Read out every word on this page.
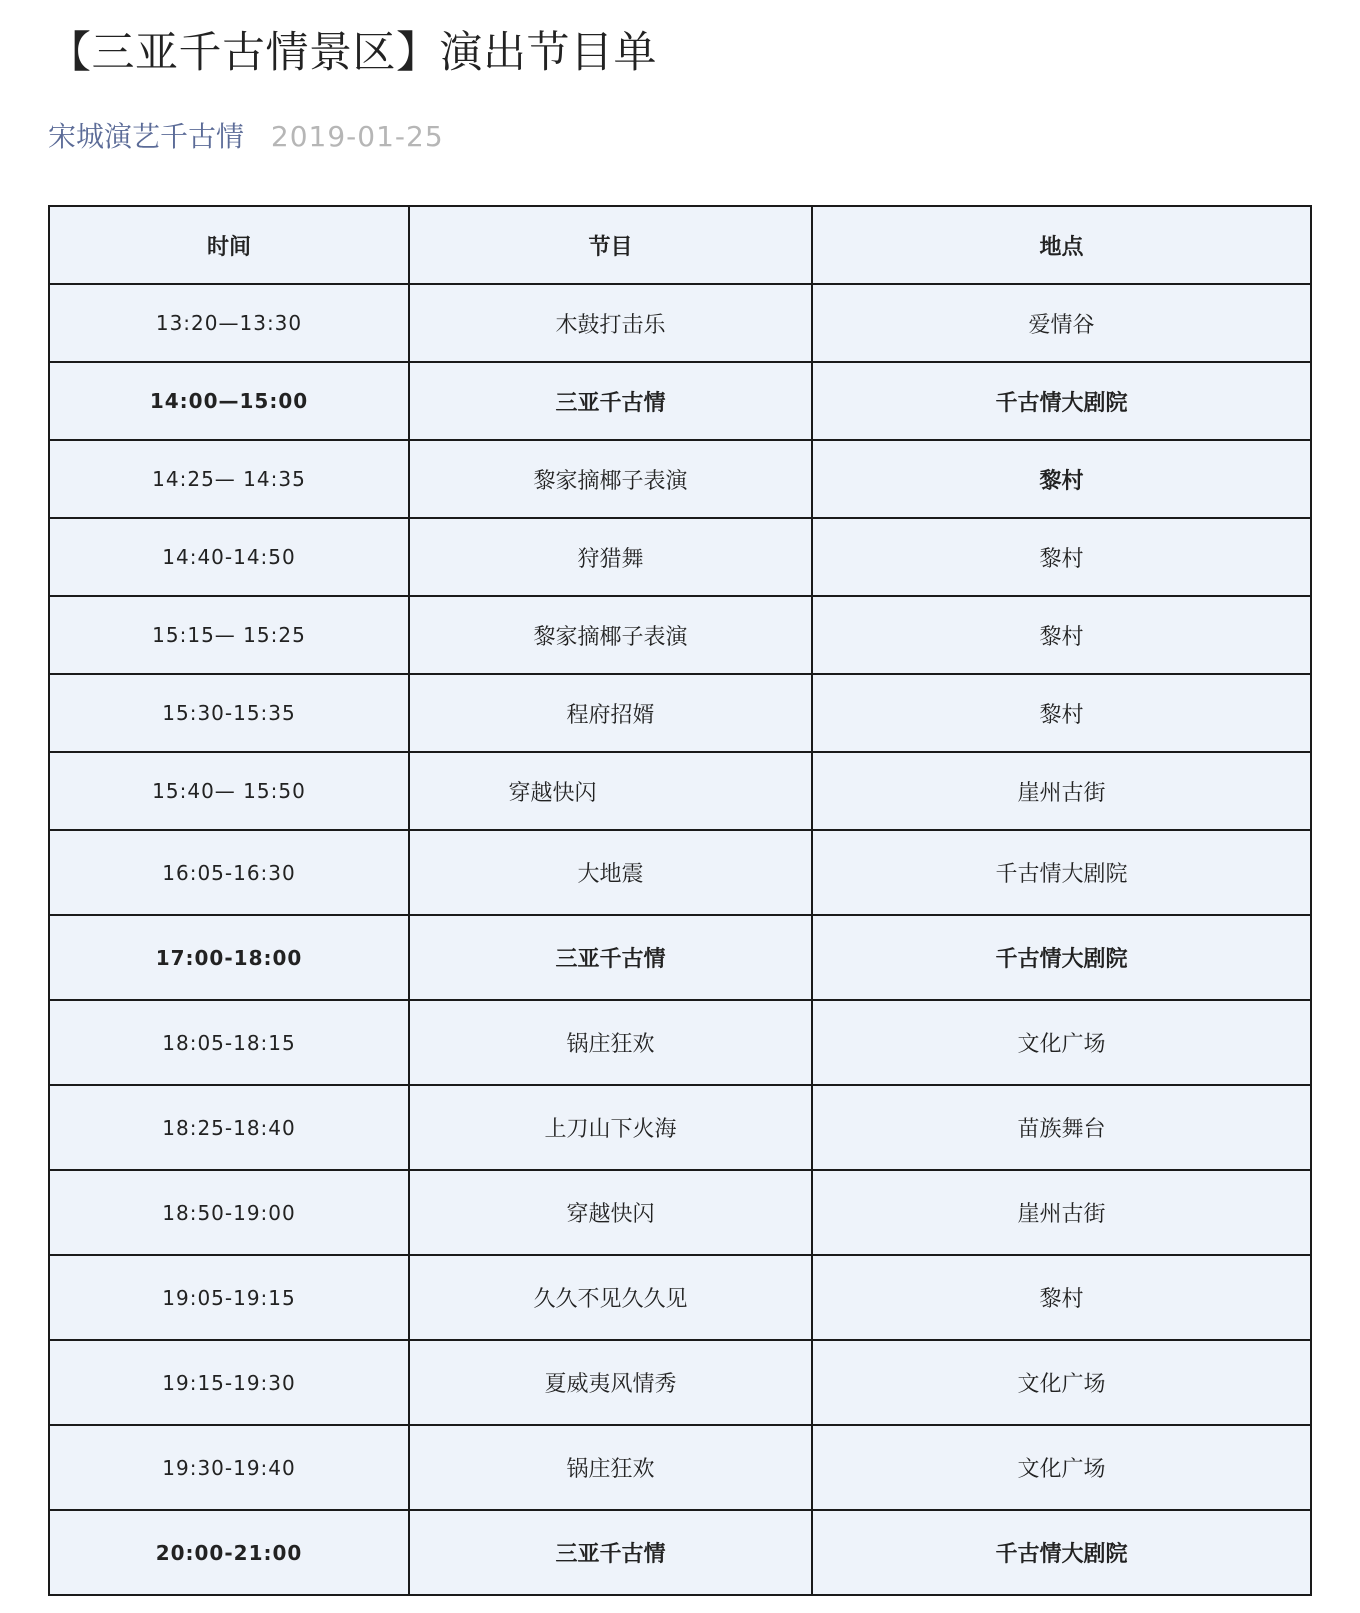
【三亚千古情景区】演出节目单
宋城演艺千古情 2019-01-25
时间	节目	地点
13:20—13:30	木鼓打击乐	爱情谷
14:00—15:00	三亚千古情	千古情大剧院
14:25— 14:35	黎家摘椰子表演	黎村
14:40-14:50	狩猎舞	黎村
15:15— 15:25	黎家摘椰子表演	黎村
15:30-15:35	程府招婿	黎村
15:40— 15:50	穿越快闪	崖州古街
16:05-16:30	大地震	千古情大剧院
17:00-18:00	三亚千古情	千古情大剧院
18:05-18:15	锅庄狂欢	文化广场
18:25-18:40	上刀山下火海	苗族舞台
18:50-19:00	穿越快闪	崖州古街
19:05-19:15	久久不见久久见	黎村
19:15-19:30	夏威夷风情秀	文化广场
19:30-19:40	锅庄狂欢	文化广场
20:00-21:00	三亚千古情	千古情大剧院
